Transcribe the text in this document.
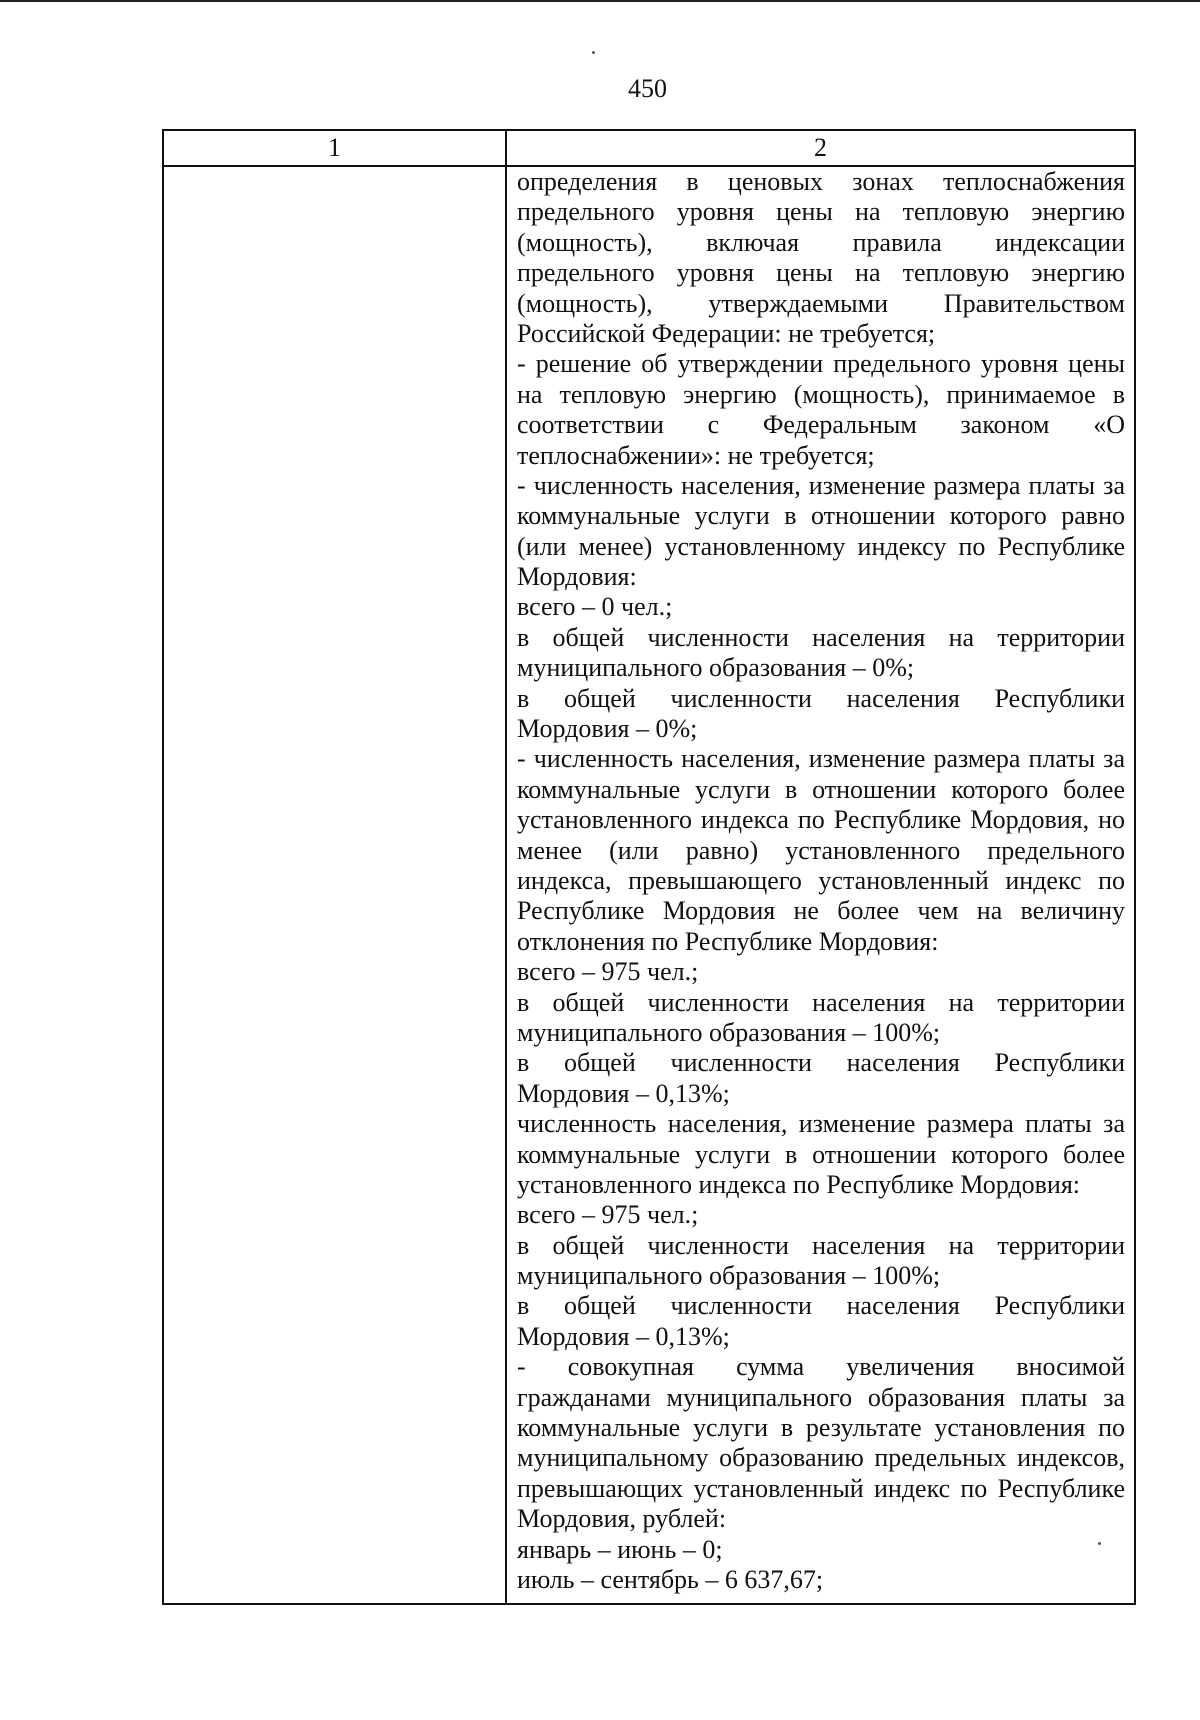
450
1	2
определения в ценовых зонах теплоснабжения
предельного уровня цены на тепловую энергию
(мощность), включая правила индексации
предельного уровня цены на тепловую энергию
(мощность), утверждаемыми Правительством
Российской Федерации: не требуется;
- решение об утверждении предельного уровня цены
на тепловую энергию (мощность), принимаемое в
соответствии с Федеральным законом «О
теплоснабжении»: не требуется;
- численность населения, изменение размера платы за
коммунальные услуги в отношении которого равно
(или менее) установленному индексу по Республике
Мордовия:
всего – 0 чел.;
в общей численности населения на территории
муниципального образования – 0%;
в общей численности населения Республики
Мордовия – 0%;
- численность населения, изменение размера платы за
коммунальные услуги в отношении которого более
установленного индекса по Республике Мордовия, но
менее (или равно) установленного предельного
индекса, превышающего установленный индекс по
Республике Мордовия не более чем на величину
отклонения по Республике Мордовия:
всего – 975 чел.;
в общей численности населения на территории
муниципального образования – 100%;
в общей численности населения Республики
Мордовия – 0,13%;
численность населения, изменение размера платы за
коммунальные услуги в отношении которого более
установленного индекса по Республике Мордовия:
всего – 975 чел.;
в общей численности населения на территории
муниципального образования – 100%;
в общей численности населения Республики
Мордовия – 0,13%;
- совокупная сумма увеличения вносимой
гражданами муниципального образования платы за
коммунальные услуги в результате установления по
муниципальному образованию предельных индексов,
превышающих установленный индекс по Республике
Мордовия, рублей:
январь – июнь – 0;
июль – сентябрь – 6 637,67;
